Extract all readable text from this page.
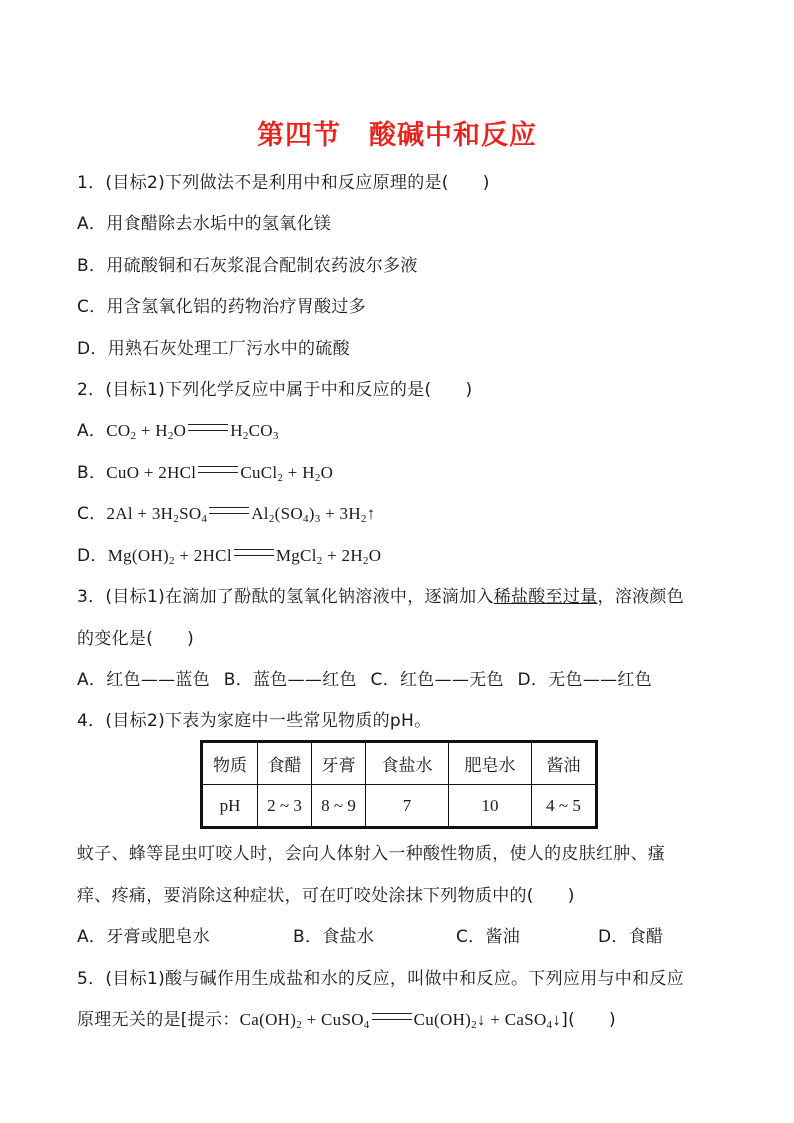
第四节 酸碱中和反应
1．(目标2)下列做法不是利用中和反应原理的是( )
A．用食醋除去水垢中的氢氧化镁
B．用硫酸铜和石灰浆混合配制农药波尔多液
C．用含氢氧化铝的药物治疗胃酸过多
D．用熟石灰处理工厂污水中的硫酸
2．(目标1)下列化学反应中属于中和反应的是( )
A．$CO_2 + H_2O$	$H_2CO_3$
B．CuO + 2HCl	CuCl$_2$ + $H_2O$
C．$2Al + 3H_2SO_4$	$Al_2(SO_4)_3$ + $3H_2↑$
D．$Mg(OH)_2 + 2HCl$	MgCl$_2$ + $2H_2O$
3．(目标1)在滴加了酚酞的氢氧化钠溶液中，逐滴加入稀盐酸至过量，溶液颜色
的变化是( )
A．红色——蓝色 B．蓝色——红色 C．红色——无色 D．无色——红色
4．(目标2)下表为家庭中一些常见物质的pH。
物质	食醋	牙膏	食盐水	肥皂水	酱油
pH	2 ~ 3	8 ~ 9	7	10	4 ~ 5
蚊子、蜂等昆虫叮咬人时，会向人体射入一种酸性物质，使人的皮肤红肿、瘙
痒、疼痛，要消除这种症状，可在叮咬处涂抹下列物质中的( )
A．牙膏或肥皂水	B．食盐水	C．酱油	D．食醋
5．(目标1)酸与碱作用生成盐和水的反应，叫做中和反应。下列应用与中和反应
原理无关的是[提示：$Ca(OH)_2$ + CuSO$_4$	$Cu(OH)_2↓$ + CaSO$_4$↓]( )
